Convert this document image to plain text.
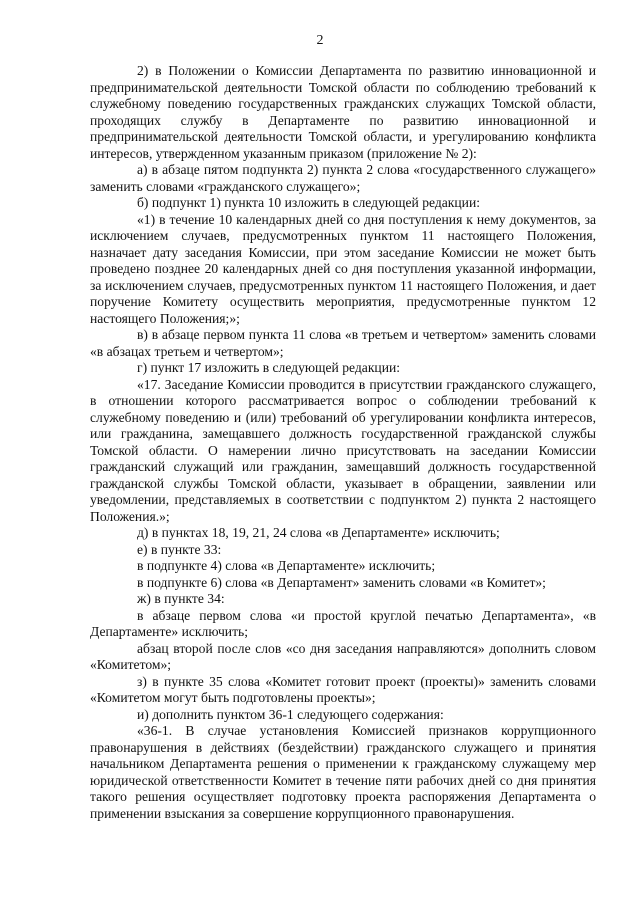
2

2) в Положении о Комиссии Департамента по развитию инновационной и предпринимательской деятельности Томской области по соблюдению требований к служебному поведению государственных гражданских служащих Томской области, проходящих службу в Департаменте по развитию инновационной и предпринимательской деятельности Томской области, и урегулированию конфликта интересов, утвержденном указанным приказом (приложение № 2):

а) в абзаце пятом подпункта 2) пункта 2 слова «государственного служащего» заменить словами «гражданского служащего»;

б) подпункт 1) пункта 10 изложить в следующей редакции:

«1) в течение 10 календарных дней со дня поступления к нему документов, за исключением случаев, предусмотренных пунктом 11 настоящего Положения, назначает дату заседания Комиссии, при этом заседание Комиссии не может быть проведено позднее 20 календарных дней со дня поступления указанной информации, за исключением случаев, предусмотренных пунктом 11 настоящего Положения, и дает поручение Комитету осуществить мероприятия, предусмотренные пунктом 12 настоящего Положения;»;

в) в абзаце первом пункта 11 слова «в третьем и четвертом» заменить словами «в абзацах третьем и четвертом»;

г) пункт 17 изложить в следующей редакции:

«17. Заседание Комиссии проводится в присутствии гражданского служащего, в отношении которого рассматривается вопрос о соблюдении требований к служебному поведению и (или) требований об урегулировании конфликта интересов, или гражданина, замещавшего должность государственной гражданской службы Томской области. О намерении лично присутствовать на заседании Комиссии гражданский служащий или гражданин, замещавший должность государственной гражданской службы Томской области, указывает в обращении, заявлении или уведомлении, представляемых в соответствии с подпунктом 2) пункта 2 настоящего Положения.»;

д) в пунктах 18, 19, 21, 24 слова «в Департаменте» исключить;

е) в пункте 33:

в подпункте 4) слова «в Департаменте» исключить;

в подпункте 6) слова «в Департамент» заменить словами «в Комитет»;

ж) в пункте 34:

в абзаце первом слова «и простой круглой печатью Департамента», «в Департаменте» исключить;

абзац второй после слов «со дня заседания направляются» дополнить словом «Комитетом»;

з) в пункте 35 слова «Комитет готовит проект (проекты)» заменить словами «Комитетом могут быть подготовлены проекты»;

и) дополнить пунктом 36-1 следующего содержания:

«36-1. В случае установления Комиссией признаков коррупционного правонарушения в действиях (бездействии) гражданского служащего и принятия начальником Департамента решения о применении к гражданскому служащему мер юридической ответственности Комитет в течение пяти рабочих дней со дня принятия такого решения осуществляет подготовку проекта распоряжения Департамента о применении взыскания за совершение коррупционного правонарушения.
